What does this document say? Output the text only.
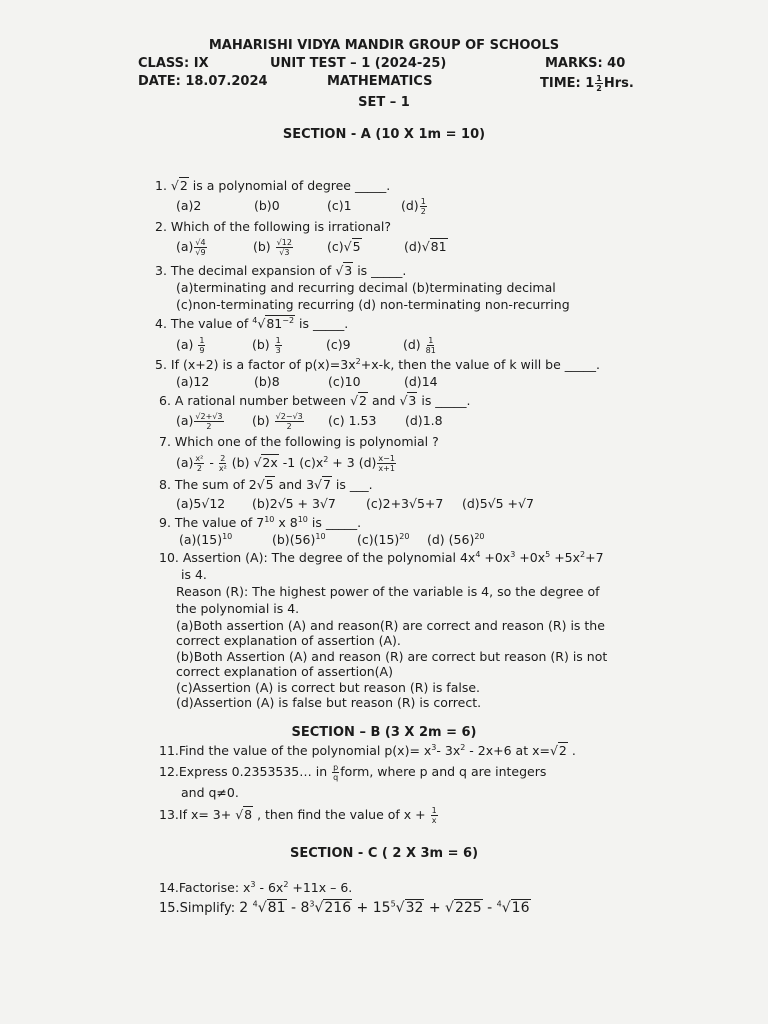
MAHARISHI VIDYA MANDIR GROUP OF SCHOOLS
CLASS: IX	UNIT TEST – 1 (2024-25)	MARKS: 40
DATE: 18.07.2024	MATHEMATICS	TIME: $1 \frac{1}{2}$ Hrs.
SET – 1
SECTION - A (10 X 1m = 10)
1. √2 is a polynomial of degree _____.
(a)2	(b)0	(c)1	$(d) \frac{1}{2}$
2. Which of the following is irrational?
$(a) \frac{√4}{√9}$	$(b) \frac{√12}{√3}$	(c)√5	(d)√81
3. The decimal expansion of √3 is _____.
(a)terminating and recurring decimal (b)terminating decimal
(c)non-terminating recurring (d) non-terminating non-recurring
4. The value of $^4√81^{-2}$ is _____.
$(a) \frac{1}{9}$	$(b) \frac{1}{3}$	(c)9	$(d) \frac{1}{81}$
5. If (x+2) is a factor of $p(x)=3x^2+x-k$, then the value of k will be _____.
(a)12	(b)8	(c)10	(d)14
6. A rational number between √2 and √3 is _____.
$(a) \frac{√2+√3}{2} (b) \frac{√2-√3}{2} (c)$ 1.53 (d)1.8
7. Which one of the following is polynomial ?
$(a) \frac{\text{x²}}{2} - \frac{2}{\text{x²}} (b)$ √2x -1 $(c)x^2 + 3$ $(d) \frac{x-1}{x+1}$
8. The sum of 2√5 and 3√7 is ___.
(a)5√12 (b)2√5 + 3√7 (c)2+3√5+7 (d)5√5 +√7
9. The value of $7^{10}$ x $8^{10}$ is _____.
$(a)(15)^{10}$	$(b)(56)^{10}$	$(c)(15)^{20}$ (d) $(56)^{20}$
10. Assertion (A): The degree of the polynomial $4x^4 +0x^3 +0x^5 +5x^2+7$
is 4.
Reason (R): The highest power of the variable is 4, so the degree of
the polynomial is 4.
(a)Both assertion (A) and reason(R) are correct and reason (R) is the
correct explanation of assertion (A).
(b)Both Assertion (A) and reason (R) are correct but reason (R) is not
correct explanation of assertion(A)
(c)Assertion (A) is correct but reason (R) is false.
(d)Assertion (A) is false but reason (R) is correct.
SECTION – B (3 X 2m = 6)
11.Find the value of the polynomial $p(x)= x^3-$ $3x^2 - 2x+6$ at x=√2 .
12.Express 0.2353535… in $\frac{p}{q}$ form, where p and q are integers
and q≠0.
13.If x= 3+ √8 , then find the value of $x + \frac{1}{x}$
SECTION - C ( 2 X 3m = 6)
14.Factorise: $x^3 - 6x^2 +11x - 6$.
15.Simplify: 2 $^4√81 - 8^3√216 + 15^5√32 + √225 - ^4√16$
